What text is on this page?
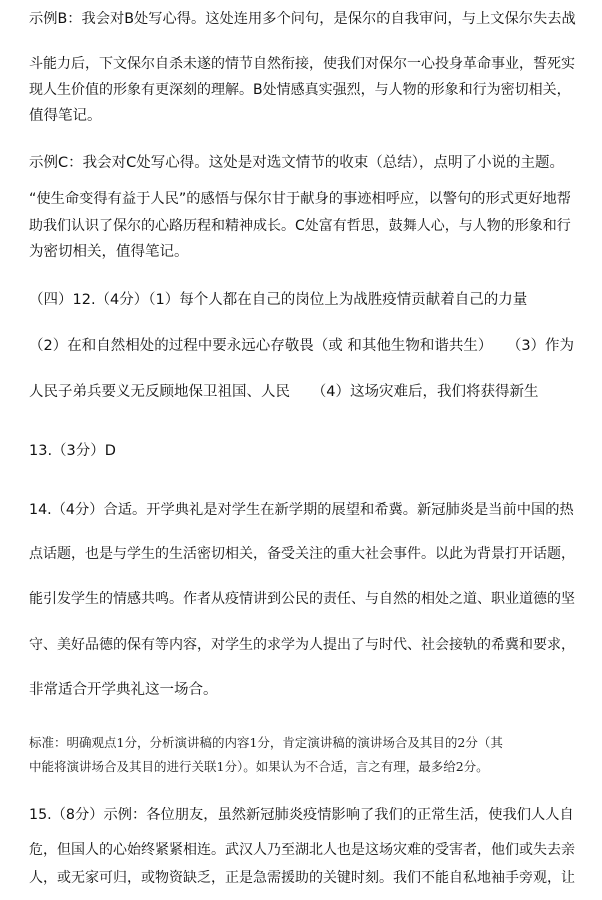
示例B：我会对B处写心得。这处连用多个问句，是保尔的自我审问，与上文保尔失去战
斗能力后，下文保尔自杀未遂的情节自然衔接，使我们对保尔一心投身革命事业，誓死实
现人生价值的形象有更深刻的理解。B处情感真实强烈，与人物的形象和行为密切相关，
值得笔记。
示例C：我会对C处写心得。这处是对选文情节的收束（总结），点明了小说的主题。
“使生命变得有益于人民”的感悟与保尔甘于献身的事迹相呼应，以警句的形式更好地帮
助我们认识了保尔的心路历程和精神成长。C处富有哲思，鼓舞人心，与人物的形象和行
为密切相关，值得笔记。
（四）12.（4分）（1）每个人都在自己的岗位上为战胜疫情贡献着自己的力量
（2）在和自然相处的过程中要永远心存敬畏（或 和其他生物和谐共生）　　（3）作为
人民子弟兵要义无反顾地保卫祖国、人民　　（4）这场灾难后，我们将获得新生
13.（3分）D
14.（4分）合适。开学典礼是对学生在新学期的展望和希冀。新冠肺炎是当前中国的热
点话题，也是与学生的生活密切相关，备受关注的重大社会事件。以此为背景打开话题，
能引发学生的情感共鸣。作者从疫情讲到公民的责任、与自然的相处之道、职业道德的坚
守、美好品德的保有等内容，对学生的求学为人提出了与时代、社会接轨的希冀和要求，
非常适合开学典礼这一场合。
标准：明确观点1分，分析演讲稿的内容1分，肯定演讲稿的演讲场合及其目的2分（其
中能将演讲场合及其目的进行关联1分）。如果认为不合适，言之有理，最多给2分。
15.（8分）示例：各位朋友，虽然新冠肺炎疫情影响了我们的正常生活，使我们人人自
危，但国人的心始终紧紧相连。武汉人乃至湖北人也是这场灾难的受害者，他们或失去亲
人，或无家可归，或物资缺乏，正是急需援助的关键时刻。我们不能自私地袖手旁观，让
